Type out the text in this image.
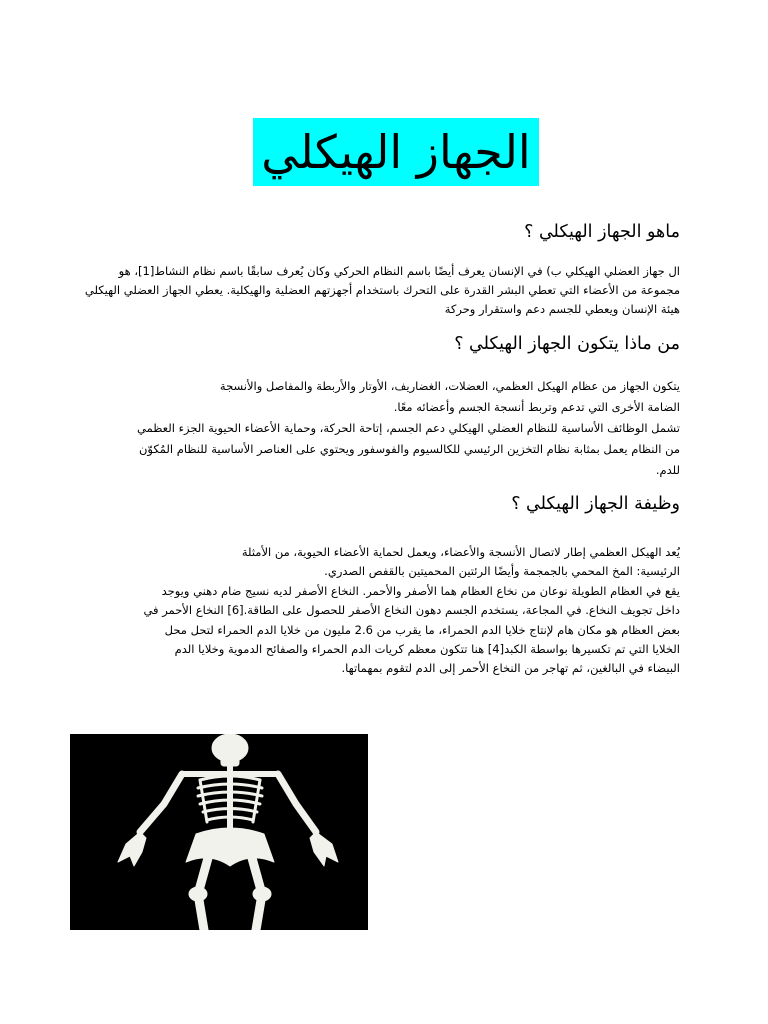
الجهاز الهيكلي
ماهو الجهاز الهيكلي ؟
ال جهاز العضلي الهيكلي ب) في الإنسان يعرف أيضًا باسم النظام الحركي وكان يُعرف سابقًا باسم نظام النشاط[1]، هو
مجموعة من الأعضاء التي تعطي البشر القدرة على التحرك باستخدام أجهزتهم العضلية والهيكلية. يعطي الجهاز العضلي الهيكلي
هيئة الإنسان ويعطي للجسم دعم واستقرار وحركة
من ماذا يتكون الجهاز الهيكلي ؟
يتكون الجهاز من عظام الهيكل العظمي، العضلات، الغضاريف، الأوتار والأربطة والمفاصل والأنسجة
الضامة الأخرى التي تدعم وتربط أنسجة الجسم وأعضائه معًا.
تشمل الوظائف الأساسية للنظام العضلي الهيكلي دعم الجسم، إتاحة الحركة، وحماية الأعضاء الحيوية الجزء العظمي
من النظام يعمل بمثابة نظام التخزين الرئيسي للكالسيوم والفوسفور ويحتوي على العناصر الأساسية للنظام المُكوّن
للدم.
وظيفة الجهاز الهيكلي ؟
يُعد الهيكل العظمي إطار لاتصال الأنسجة والأعضاء، ويعمل لحماية الأعضاء الحيوية، من الأمثلة
الرئيسية: المخ المحمي بالجمجمة وأيضًا الرئتين المحميتين بالقفص الصدري.
يقع في العظام الطويلة نوعان من نخاع العظام هما الأصفر والأحمر. النخاع الأصفر لديه نسيج ضام دهني ويوجد
داخل تجويف النخاع. في المجاعة، يستخدم الجسم دهون النخاع الأصفر للحصول على الطاقة.[6] النخاع الأحمر في
بعض العظام هو مكان هام لإنتاج خلايا الدم الحمراء، ما يقرب من 2.6 مليون من خلايا الدم الحمراء لتحل محل
الخلايا التي تم تكسيرها بواسطة الكبد[4] هنا تتكون معظم كريات الدم الحمراء والصفائح الدموية وخلايا الدم
البيضاء في البالغين، ثم تهاجر من النخاع الأحمر إلى الدم لتقوم بمهماتها.
